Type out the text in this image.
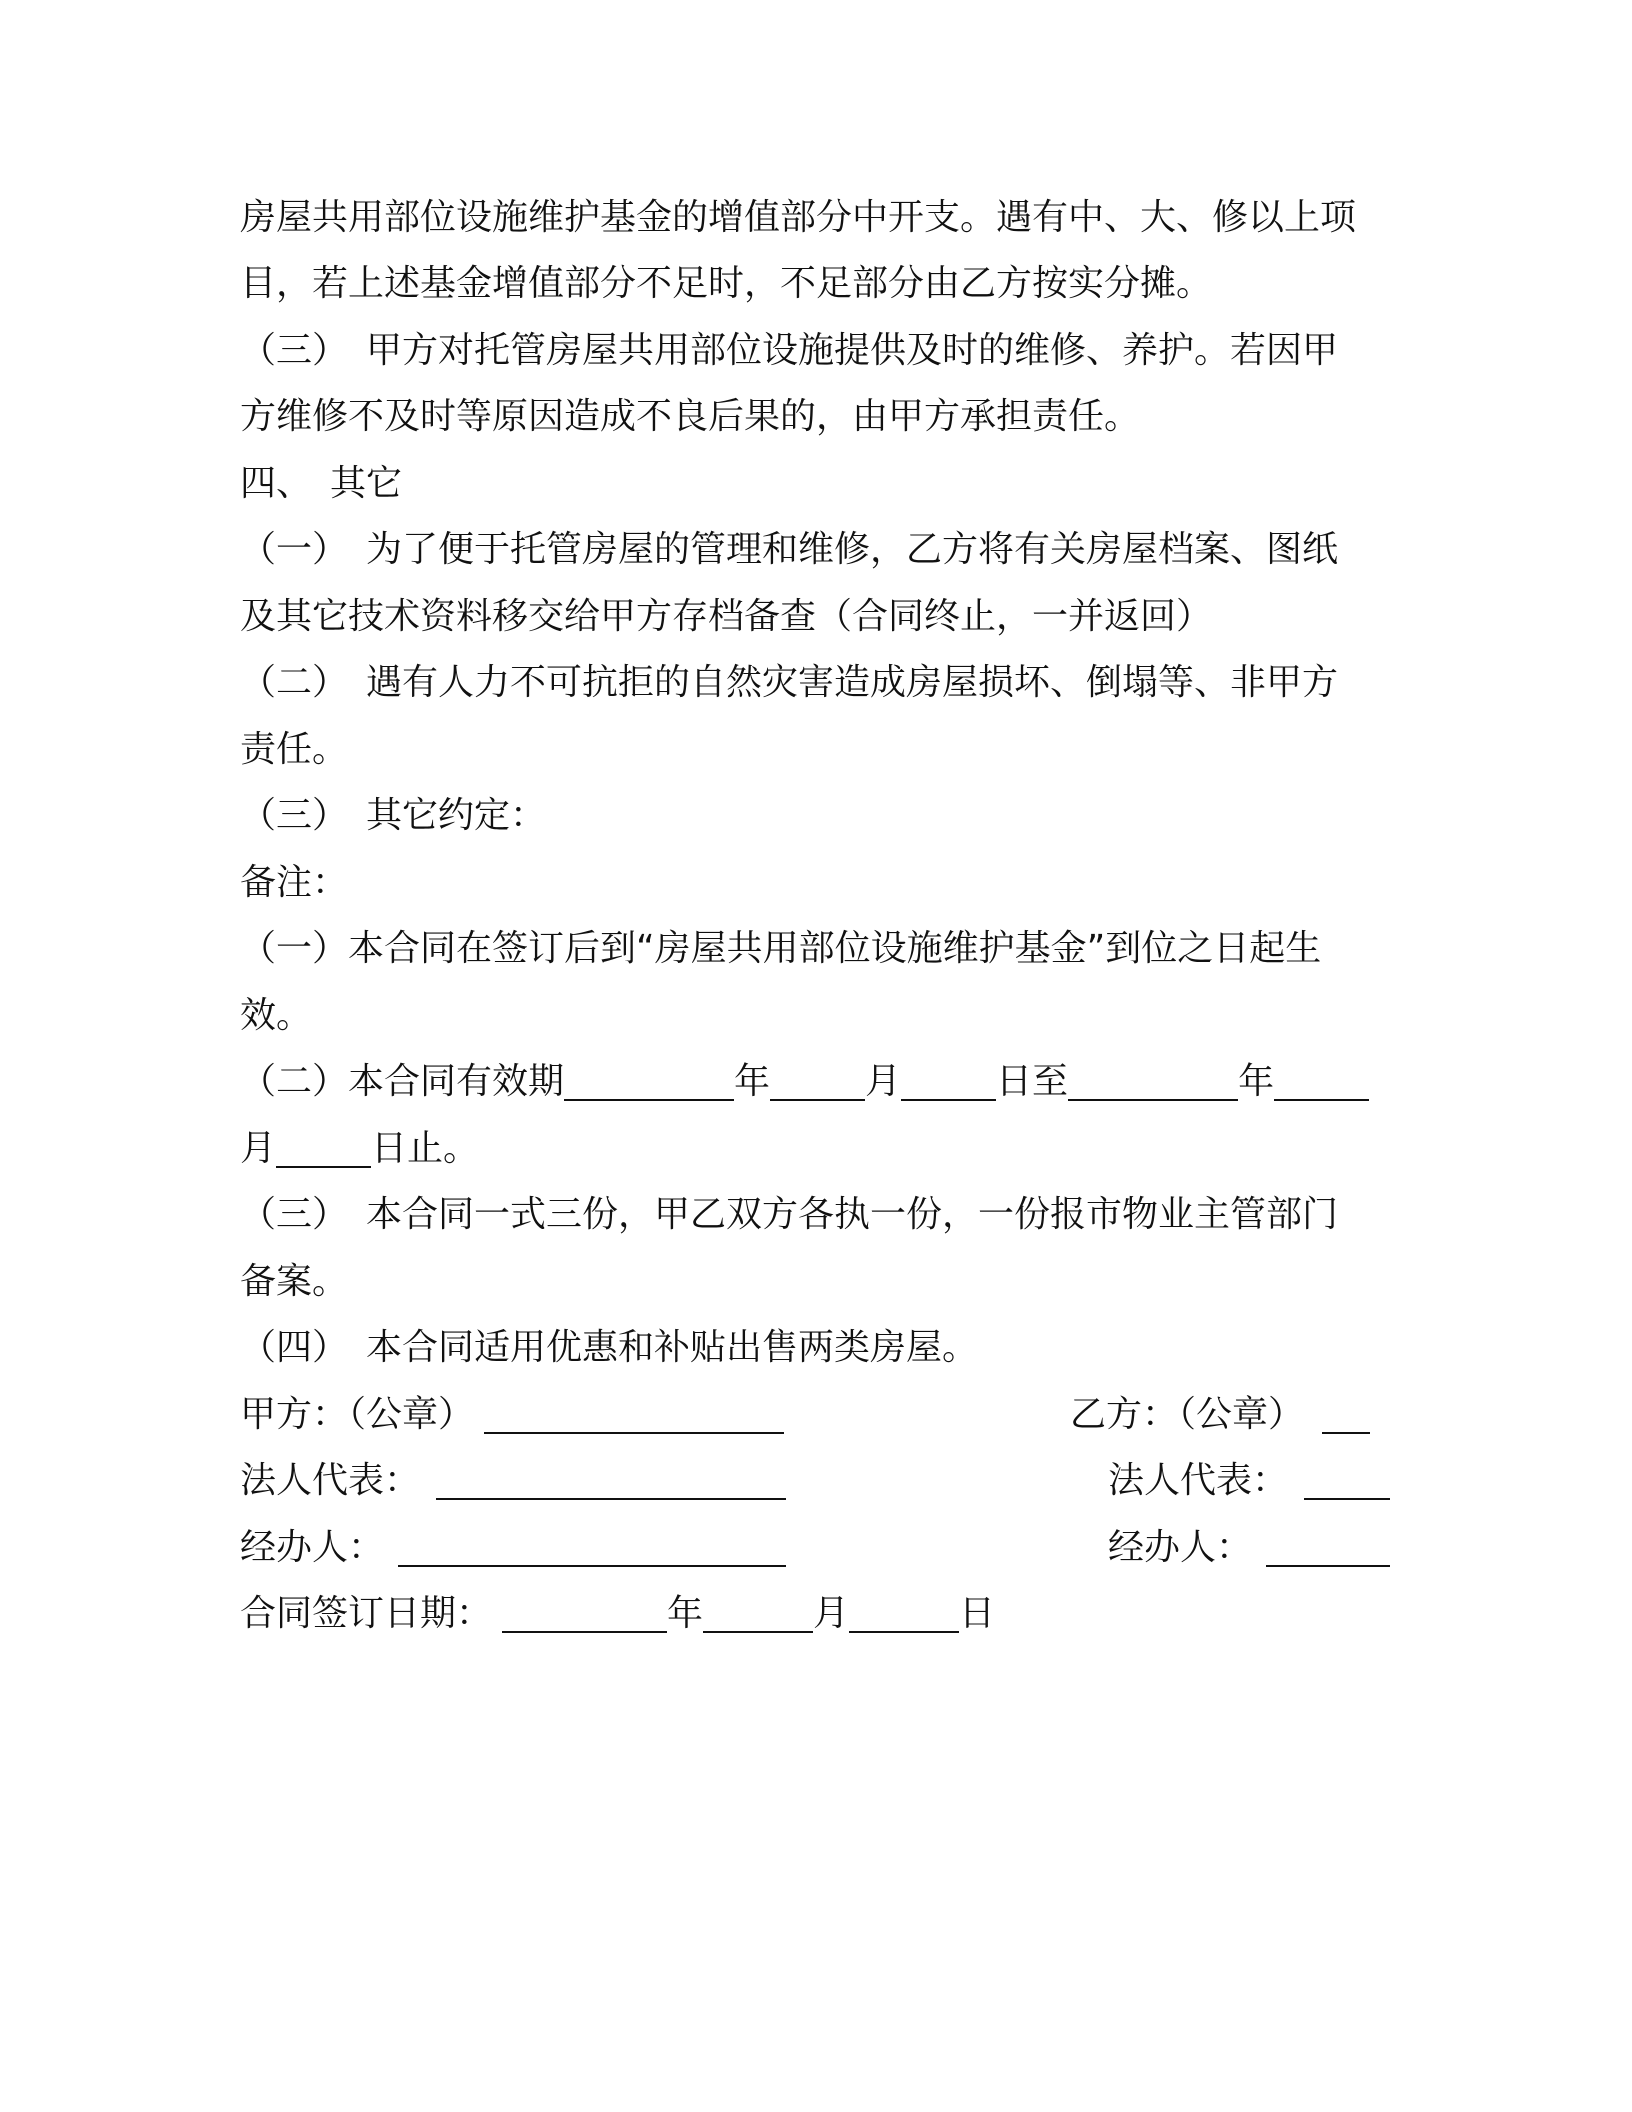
房屋共用部位设施维护基金的增值部分中开支。遇有中、大、修以上项

目，若上述基金增值部分不足时，不足部分由乙方按实分摊。

（三）　甲方对托管房屋共用部位设施提供及时的维修、养护。若因甲

方维修不及时等原因造成不良后果的，由甲方承担责任。

四、　其它

（一）　为了便于托管房屋的管理和维修，乙方将有关房屋档案、图纸

及其它技术资料移交给甲方存档备查（合同终止，一并返回）

（二）　遇有人力不可抗拒的自然灾害造成房屋损坏、倒塌等、非甲方

责任。

（三）　其它约定：

备注：

（一）本合同在签订后到“房屋共用部位设施维护基金”到位之日起生

效。

（二）本合同有效期	年	月	日至	年

月	日止。

（三）　本合同一式三份，甲乙双方各执一份，一份报市物业主管部门

备案。

（四）　本合同适用优惠和补贴出售两类房屋。

甲方：（公章）	乙方：（公章）

法人代表：	法人代表：

经办人：	经办人：

合同签订日期：	年	月	日
